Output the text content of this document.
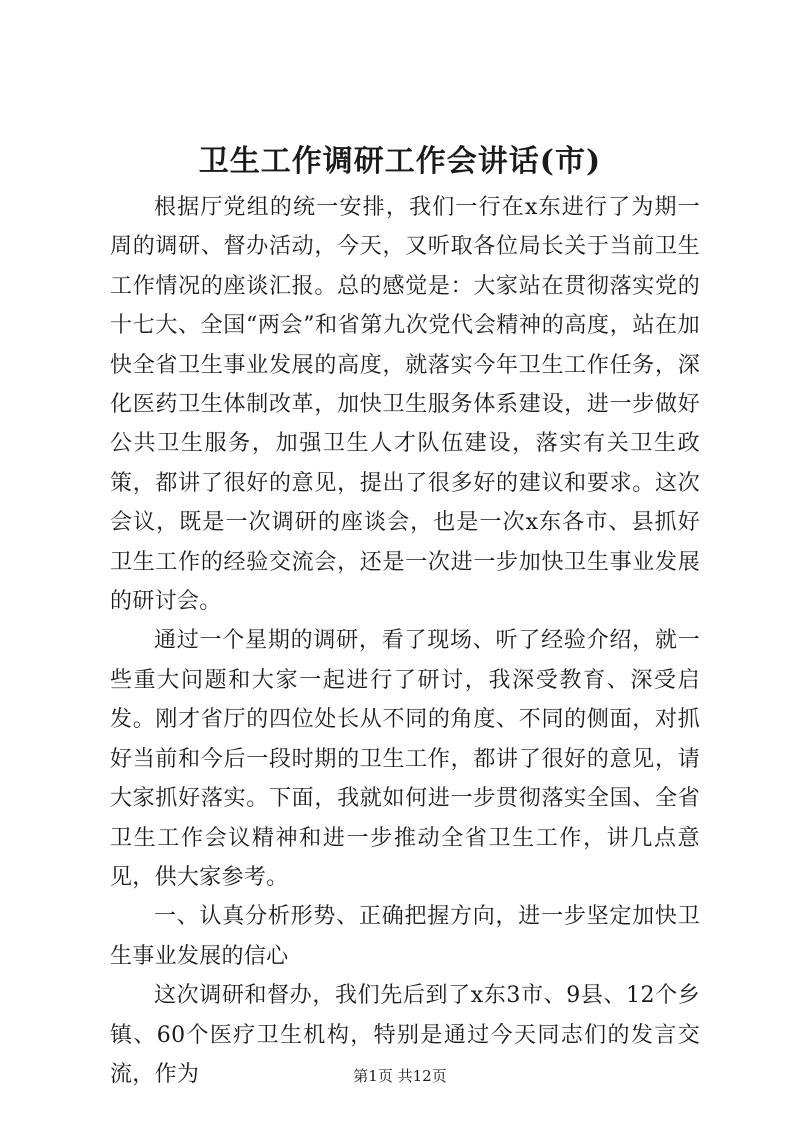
卫生工作调研工作会讲话(市)

根据厅党组的统一安排，我们一行在x东进行了为期一周的调研、督办活动，今天，又听取各位局长关于当前卫生工作情况的座谈汇报。总的感觉是：大家站在贯彻落实党的十七大、全国“两会”和省第九次党代会精神的高度，站在加快全省卫生事业发展的高度，就落实今年卫生工作任务，深化医药卫生体制改革，加快卫生服务体系建设，进一步做好公共卫生服务，加强卫生人才队伍建设，落实有关卫生政策，都讲了很好的意见，提出了很多好的建议和要求。这次会议，既是一次调研的座谈会，也是一次x东各市、县抓好卫生工作的经验交流会，还是一次进一步加快卫生事业发展的研讨会。

通过一个星期的调研，看了现场、听了经验介绍，就一些重大问题和大家一起进行了研讨，我深受教育、深受启发。刚才省厅的四位处长从不同的角度、不同的侧面，对抓好当前和今后一段时期的卫生工作，都讲了很好的意见，请大家抓好落实。下面，我就如何进一步贯彻落实全国、全省卫生工作会议精神和进一步推动全省卫生工作，讲几点意见，供大家参考。

一、认真分析形势、正确把握方向，进一步坚定加快卫生事业发展的信心

这次调研和督办，我们先后到了x东3市、9县、12个乡镇、60个医疗卫生机构，特别是通过今天同志们的发言交流，作为	第1页 共12页
